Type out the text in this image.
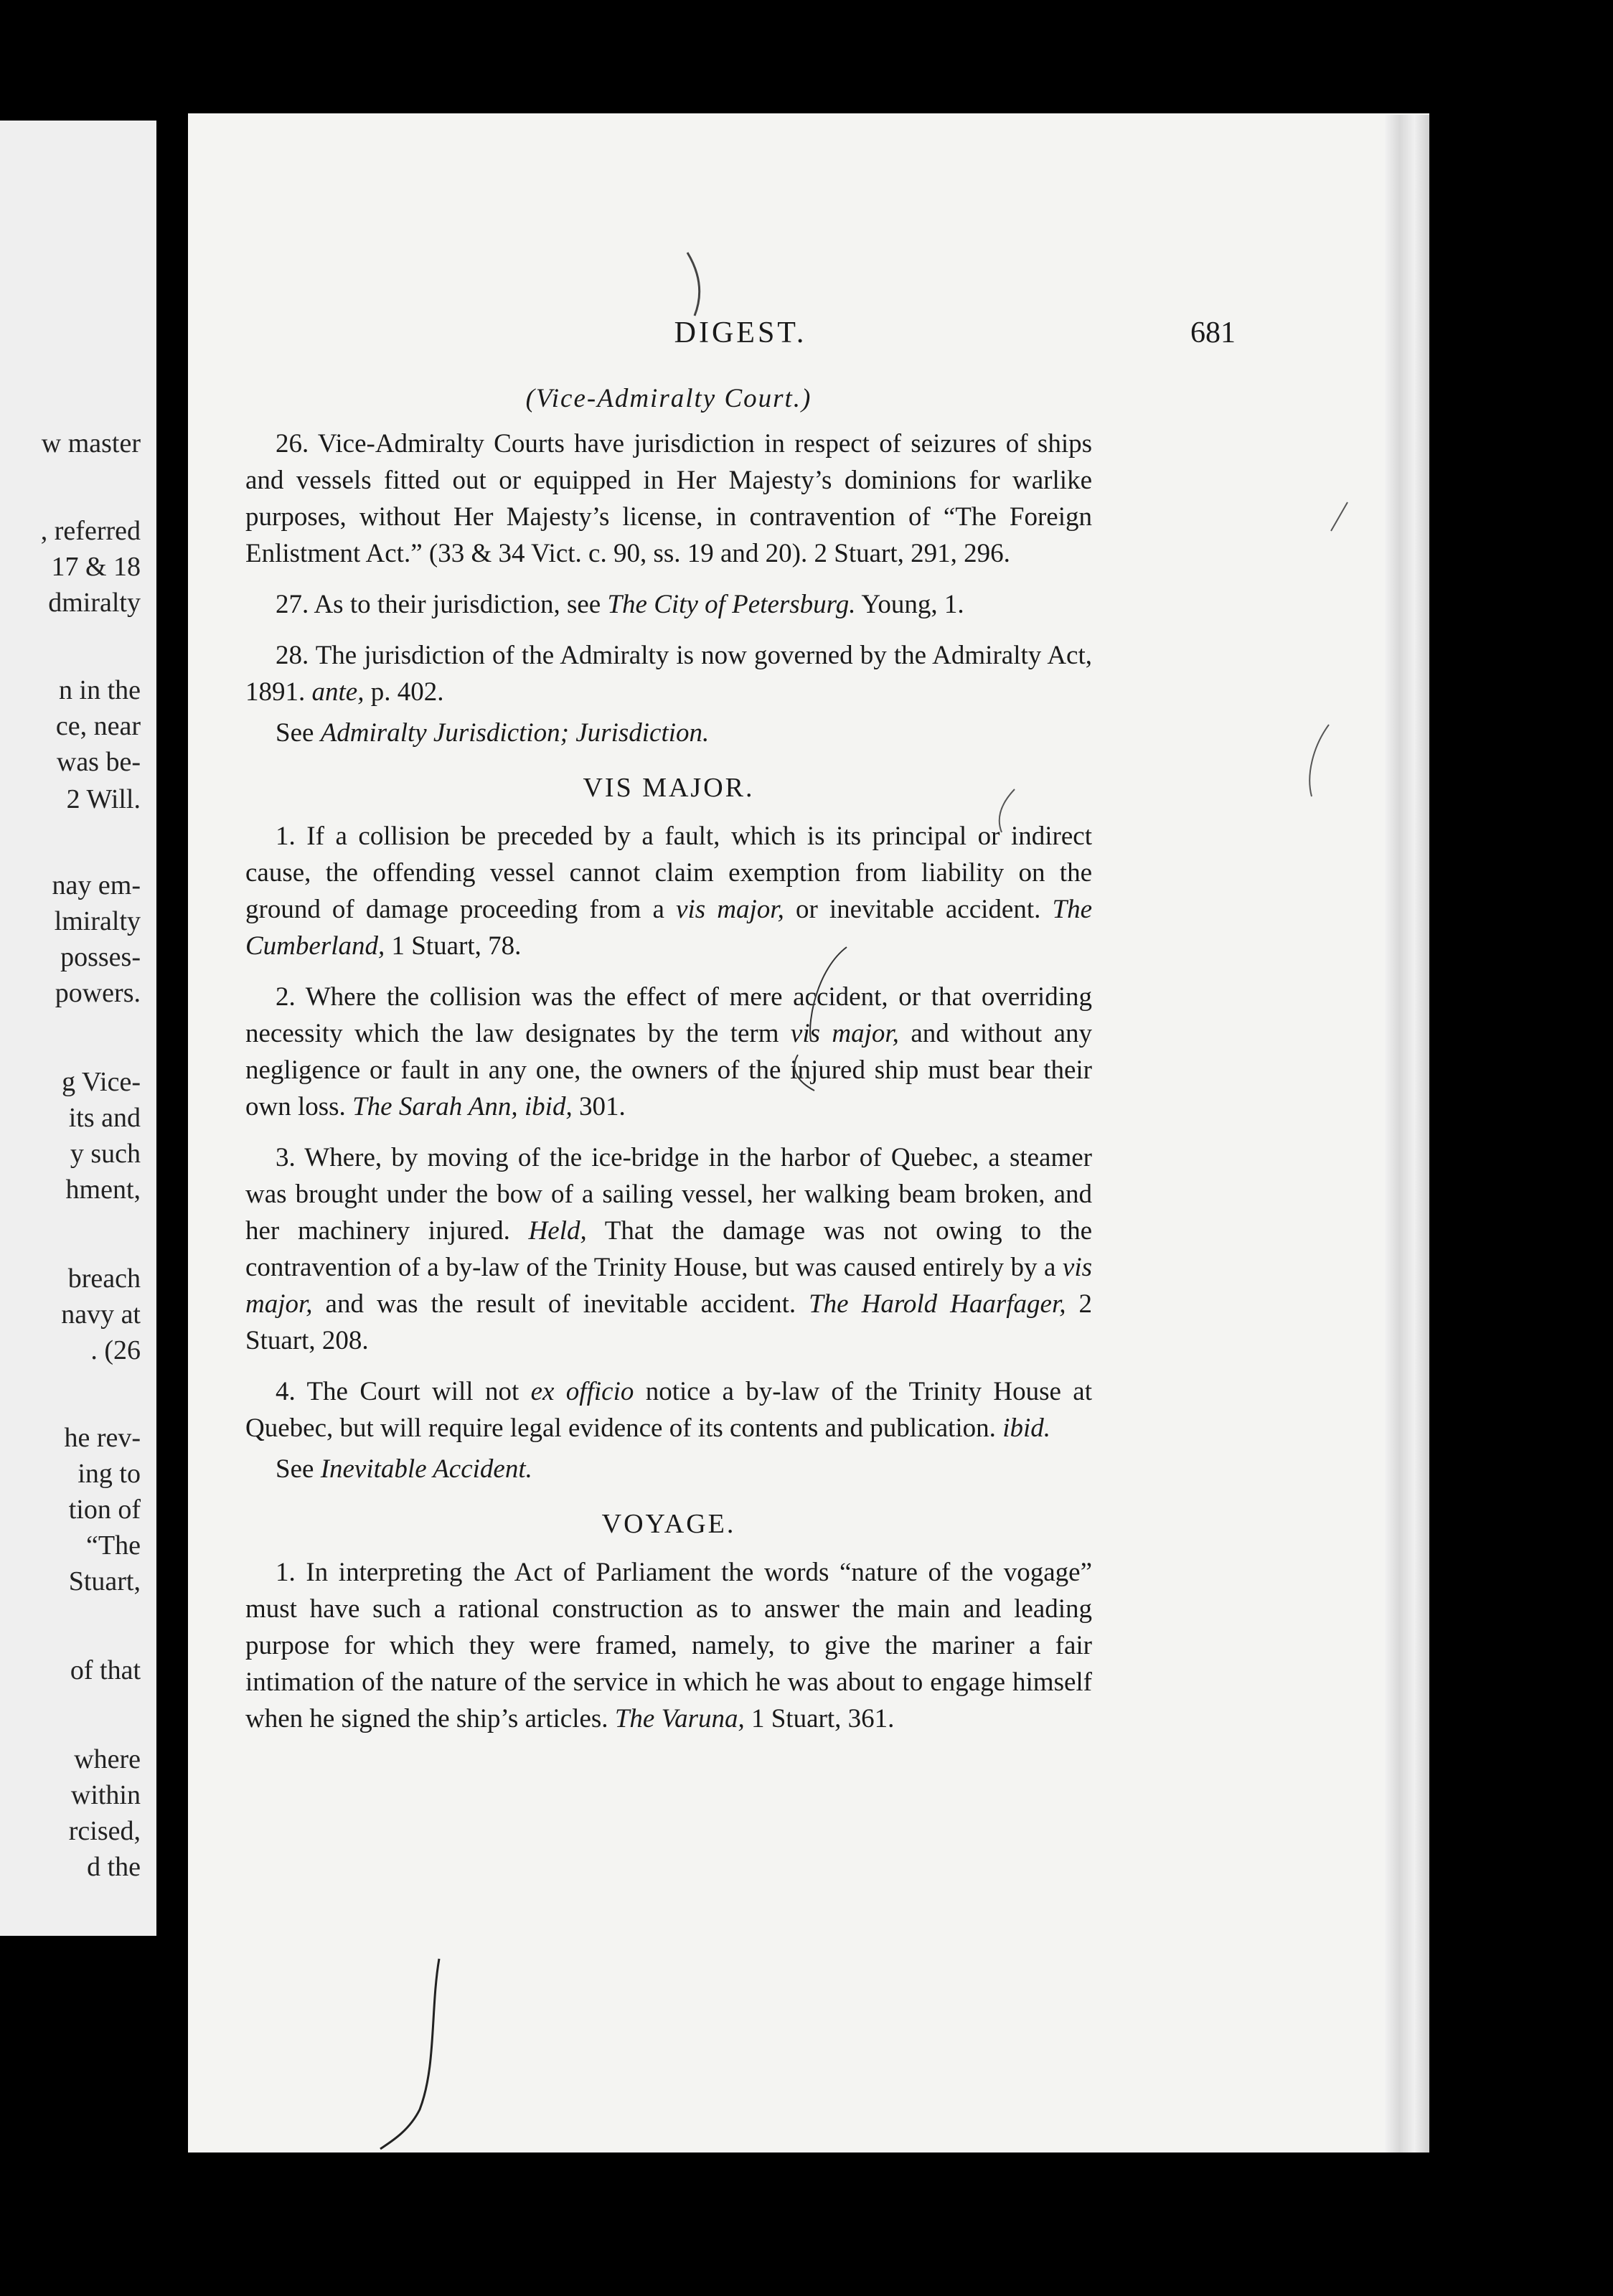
w master
, referred
17 & 18
dmiralty
n in the
ce, near
was be-
2 Will.
nay em-
lmiralty
posses-
powers.
g Vice-
its and
y such
hment,
breach
navy at
. (26
he rev-
ing to
tion of
“The
Stuart,
of that
where
within
rcised,
d the
DIGEST.	681
(Vice-Admiralty Court.)

26. Vice-Admiralty Courts have jurisdiction in respect of seizures of ships and vessels fitted out or equipped in Her Majesty’s dominions for warlike purposes, without Her Majesty’s license, in contravention of “The Foreign Enlistment Act.” (33 & 34 Vict. c. 90, ss. 19 and 20). 2 Stuart, 291, 296.

27. As to their jurisdiction, see The City of Petersburg. Young, 1.

28. The jurisdiction of the Admiralty is now governed by the Admiralty Act, 1891. ante, p. 402.

See Admiralty Jurisdiction; Jurisdiction.

VIS MAJOR.

1. If a collision be preceded by a fault, which is its principal or indirect cause, the offending vessel cannot claim exemption from liability on the ground of damage proceeding from a vis major, or inevitable accident. The Cumberland, 1 Stuart, 78.

2. Where the collision was the effect of mere accident, or that overriding necessity which the law designates by the term vis major, and without any negligence or fault in any one, the owners of the injured ship must bear their own loss. The Sarah Ann, ibid, 301.

3. Where, by moving of the ice-bridge in the harbor of Quebec, a steamer was brought under the bow of a sailing vessel, her walking beam broken, and her machinery injured. Held, That the damage was not owing to the contravention of a by-law of the Trinity House, but was caused entirely by a vis major, and was the result of inevitable accident. The Harold Haarfager, 2 Stuart, 208.

4. The Court will not ex officio notice a by-law of the Trinity House at Quebec, but will require legal evidence of its contents and publication. ibid.

See Inevitable Accident.

VOYAGE.

1. In interpreting the Act of Parliament the words “nature of the vogage” must have such a rational construction as to answer the main and leading purpose for which they were framed, namely, to give the mariner a fair intimation of the nature of the service in which he was about to engage himself when he signed the ship’s articles. The Varuna, 1 Stuart, 361.
